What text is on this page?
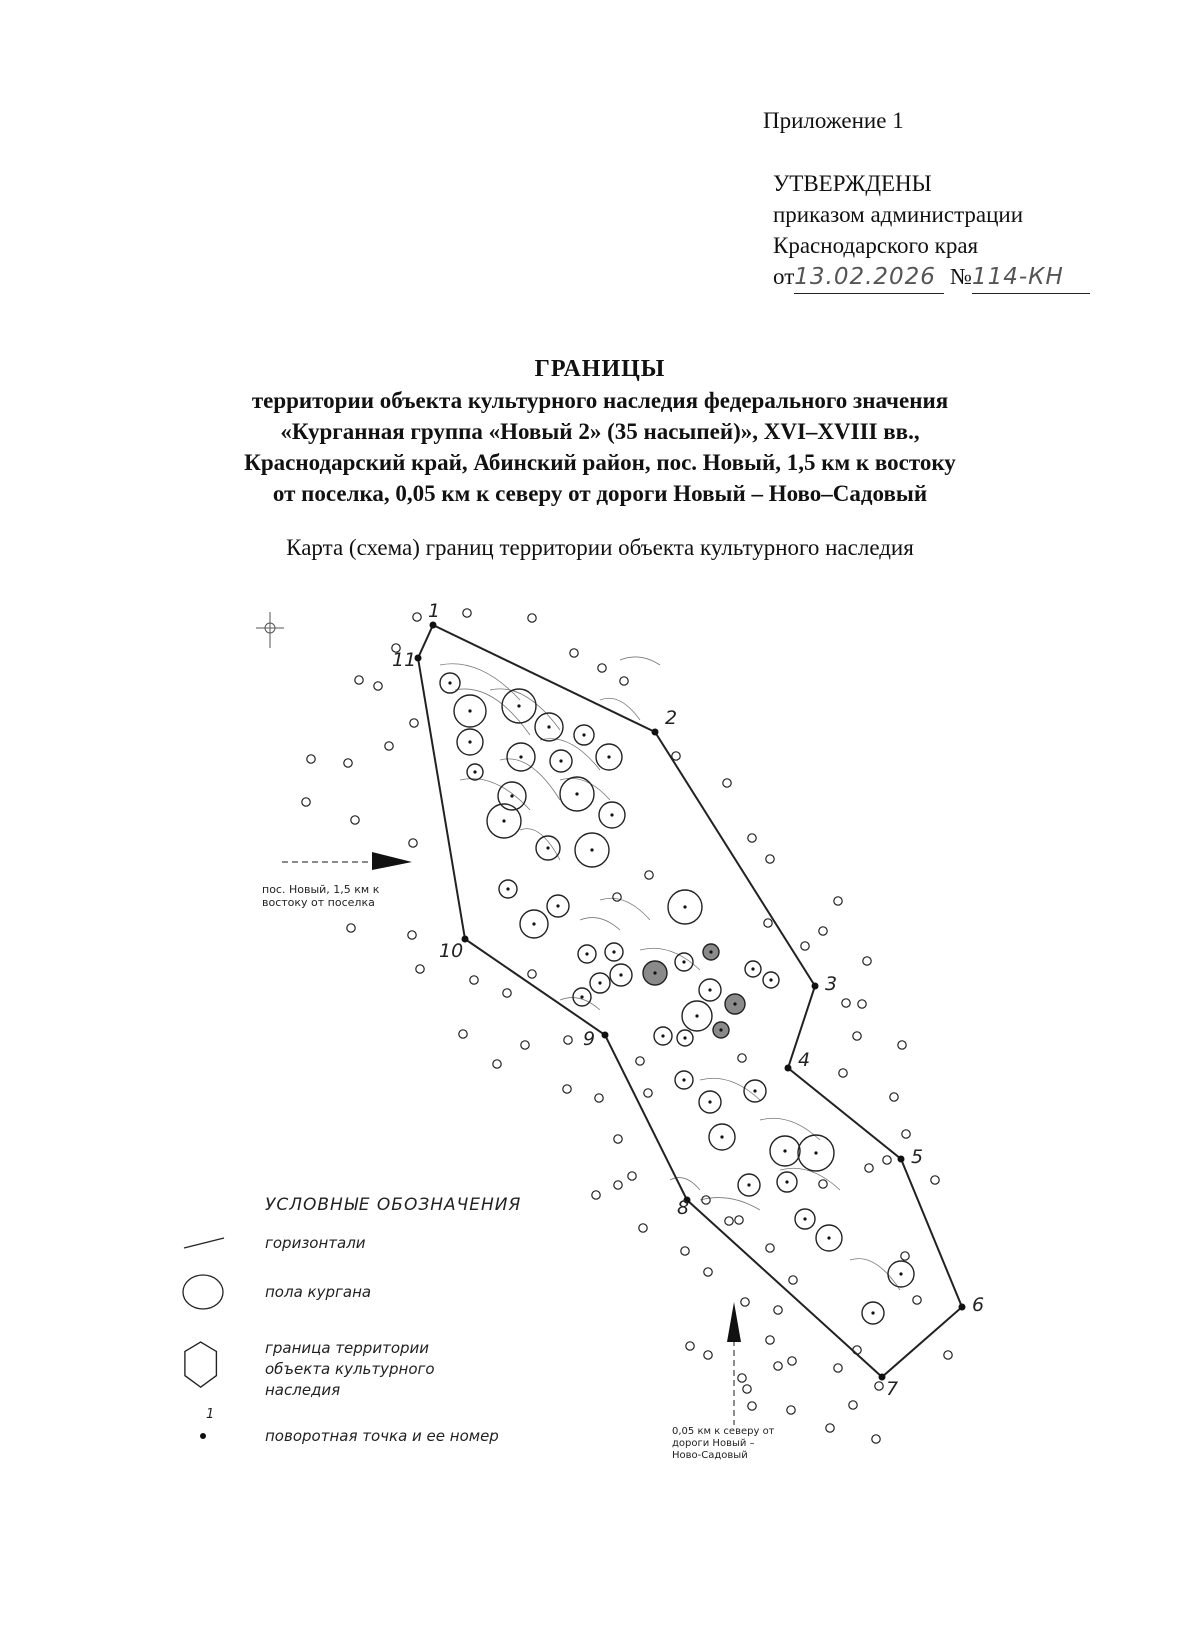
Приложение 1
УТВЕРЖДЕНЫ
приказом администрации
Краснодарского края
от13.02.2026 №114-КН
ГРАНИЦЫ
территории объекта культурного наследия федерального значения
«Курганная группа «Новый 2» (35 насыпей)», XVI–XVIII вв.,
Краснодарский край, Абинский район, пос. Новый, 1,5 км к востоку
от поселка, 0,05 км к северу от дороги Новый – Ново–Садовый
Карта (схема) границ территории объекта культурного наследия
1
2
3
4
5
6
7
8
9
10
11
пос. Новый, 1,5 км к
востоку от поселка
0,05 км к северу от
дороги Новый –
Ново-Садовый
УСЛОВНЫЕ ОБОЗНАЧЕНИЯ
горизонтали
пола кургана
граница территории
объекта культурного
наследия
1
поворотная точка и ее номер
